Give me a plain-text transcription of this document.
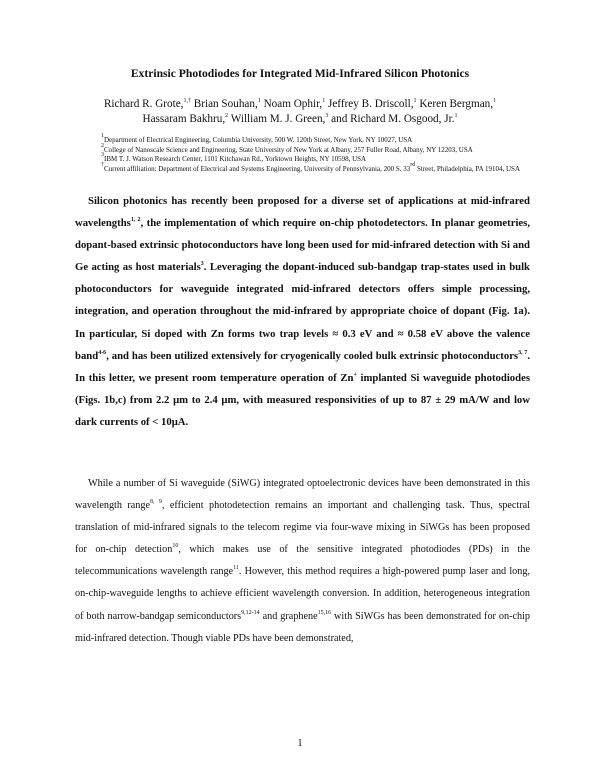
Extrinsic Photodiodes for Integrated Mid-Infrared Silicon Photonics
Richard R. Grote,$^{1,\dagger}$ Brian Souhan,$^1$ Noam Ophir,$^1$ Jeffrey B. Driscoll,$^1$ Keren Bergman,$^1$
Hassaram Bakhru,$^2$ William M. J. Green,$^3$ and Richard M. Osgood, Jr.$^1$
$^1$Department of Electrical Engineering, Columbia University, 500 W. 120th Street, New York, NY 10027, USA
$^2$College of Nanoscale Science and Engineering, State University of New York at Albany, 257 Fuller Road, Albany, NY 12203, USA
$^3$IBM T. J. Watson Research Center, 1101 Kitchawan Rd., Yorktown Heights, NY 10598, USA
†Current affiliation: Department of Electrical and Systems Engineering, University of Pennsylvania, 200 S. 33rd Street, Philadelphia, PA 19104, USA

Silicon photonics has recently been proposed for a diverse set of applications at mid-infrared wavelengths$^{1, 2}$, the implementation of which require on-chip photodetectors. In planar geometries, dopant-based extrinsic photoconductors have long been used for mid-infrared detection with Si and Ge acting as host materials$^3$. Leveraging the dopant-induced sub-bandgap trap-states used in bulk photoconductors for waveguide integrated mid-infrared detectors offers simple processing, integration, and operation throughout the mid-infrared by appropriate choice of dopant (Fig. 1a). In particular, Si doped with Zn forms two trap levels ≈ 0.3 eV and ≈ 0.58 eV above the valence band$^{4-6}$, and has been utilized extensively for cryogenically cooled bulk extrinsic photoconductors$^{3, 7}$. In this letter, we present room temperature operation of Zn+ implanted Si waveguide photodiodes (Figs. 1b,c) from 2.2 μm to 2.4 μm, with measured responsivities of up to 87 ± 29 mA/W and low dark currents of < 10μA.

While a number of Si waveguide (SiWG) integrated optoelectronic devices have been demonstrated in this wavelength range$^{8, 9}$, efficient photodetection remains an important and challenging task. Thus, spectral translation of mid-infrared signals to the telecom regime via four-wave mixing in SiWGs has been proposed for on-chip detection$^{10}$, which makes use of the sensitive integrated photodiodes (PDs) in the telecommunications wavelength range$^{11}$. However, this method requires a high-powered pump laser and long, on-chip-waveguide lengths to achieve efficient wavelength conversion. In addition, heterogeneous integration of both narrow-bandgap semiconductors$^{9,12-14}$ and graphene$^{15,16}$ with SiWGs has been demonstrated for on-chip mid-infrared detection. Though viable PDs have been demonstrated,

1
